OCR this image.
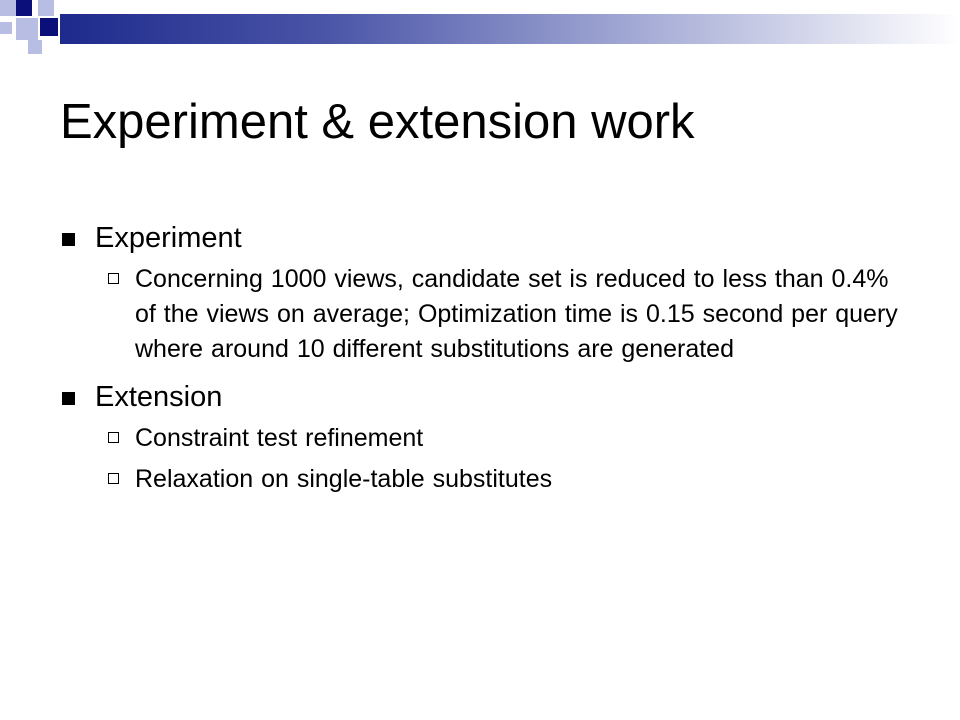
Experiment & extension work
Experiment
Concerning 1000 views, candidate set is reduced to less than 0.4% of the views on average; Optimization time is 0.15 second per query where around 10 different substitutions are generated
Extension
Constraint test refinement
Relaxation on single-table substitutes
